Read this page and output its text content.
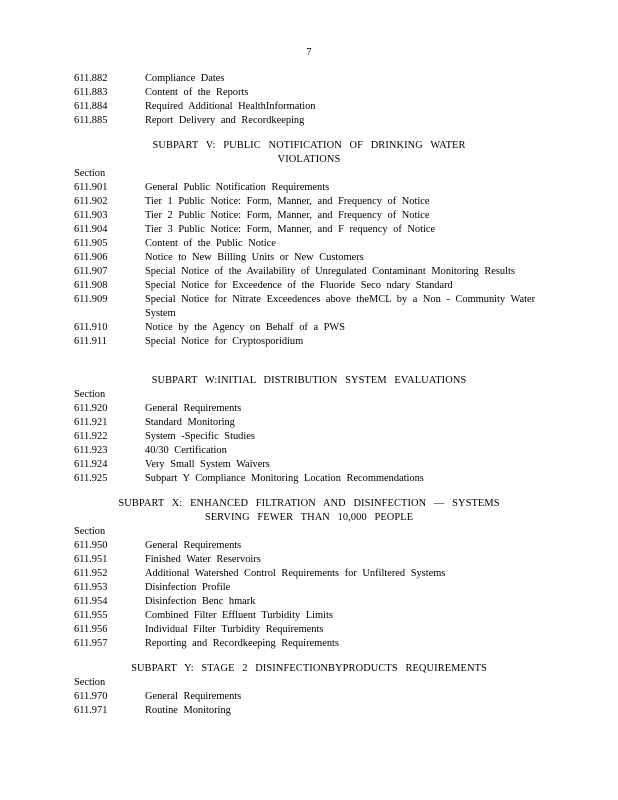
7
611.882	Compliance Dates
611.883	Content of the Reports
611.884	Required Additional HealthInformation
611.885	Report Delivery and Recordkeeping
SUBPART V: PUBLIC NOTIFICATION OF DRINKING WATER
VIOLATIONS
Section
611.901	General Public Notification Requirements
611.902	Tier 1 Public Notice: Form, Manner, and Frequency of Notice
611.903	Tier 2 Public Notice: Form, Manner, and Frequency of Notice
611.904	Tier 3 Public Notice: Form, Manner, and F requency of Notice
611.905	Content of the Public Notice
611.906	Notice to New Billing Units or New Customers
611.907	Special Notice of the Availability of Unregulated Contaminant Monitoring Results
611.908	Special Notice for Exceedence of the Fluoride Seco ndary Standard
611.909	Special Notice for Nitrate Exceedences above theMCL by a Non - Community Water System
611.910	Notice by the Agency on Behalf of a PWS
611.911	Special Notice for Cryptosporidium
SUBPART W:INITIAL DISTRIBUTION SYSTEM EVALUATIONS
Section
611.920	General Requirements
611.921	Standard Monitoring
611.922	System -Specific Studies
611.923	40/30 Certification
611.924	Very Small System Waivers
611.925	Subpart Y Compliance Monitoring Location Recommendations
SUBPART X: ENHANCED FILTRATION AND DISINFECTION — SYSTEMS
SERVING FEWER THAN 10,000 PEOPLE
Section
611.950	General Requirements
611.951	Finished Water Reservoirs
611.952	Additional Watershed Control Requirements for Unfiltered Systems
611.953	Disinfection Profile
611.954	Disinfection Benc hmark
611.955	Combined Filter Effluent Turbidity Limits
611.956	Individual Filter Turbidity Requirements
611.957	Reporting and Recordkeeping Requirements
SUBPART Y: STAGE 2 DISINFECTIONBYPRODUCTS REQUIREMENTS
Section
611.970	General Requirements
611.971	Routine Monitoring
